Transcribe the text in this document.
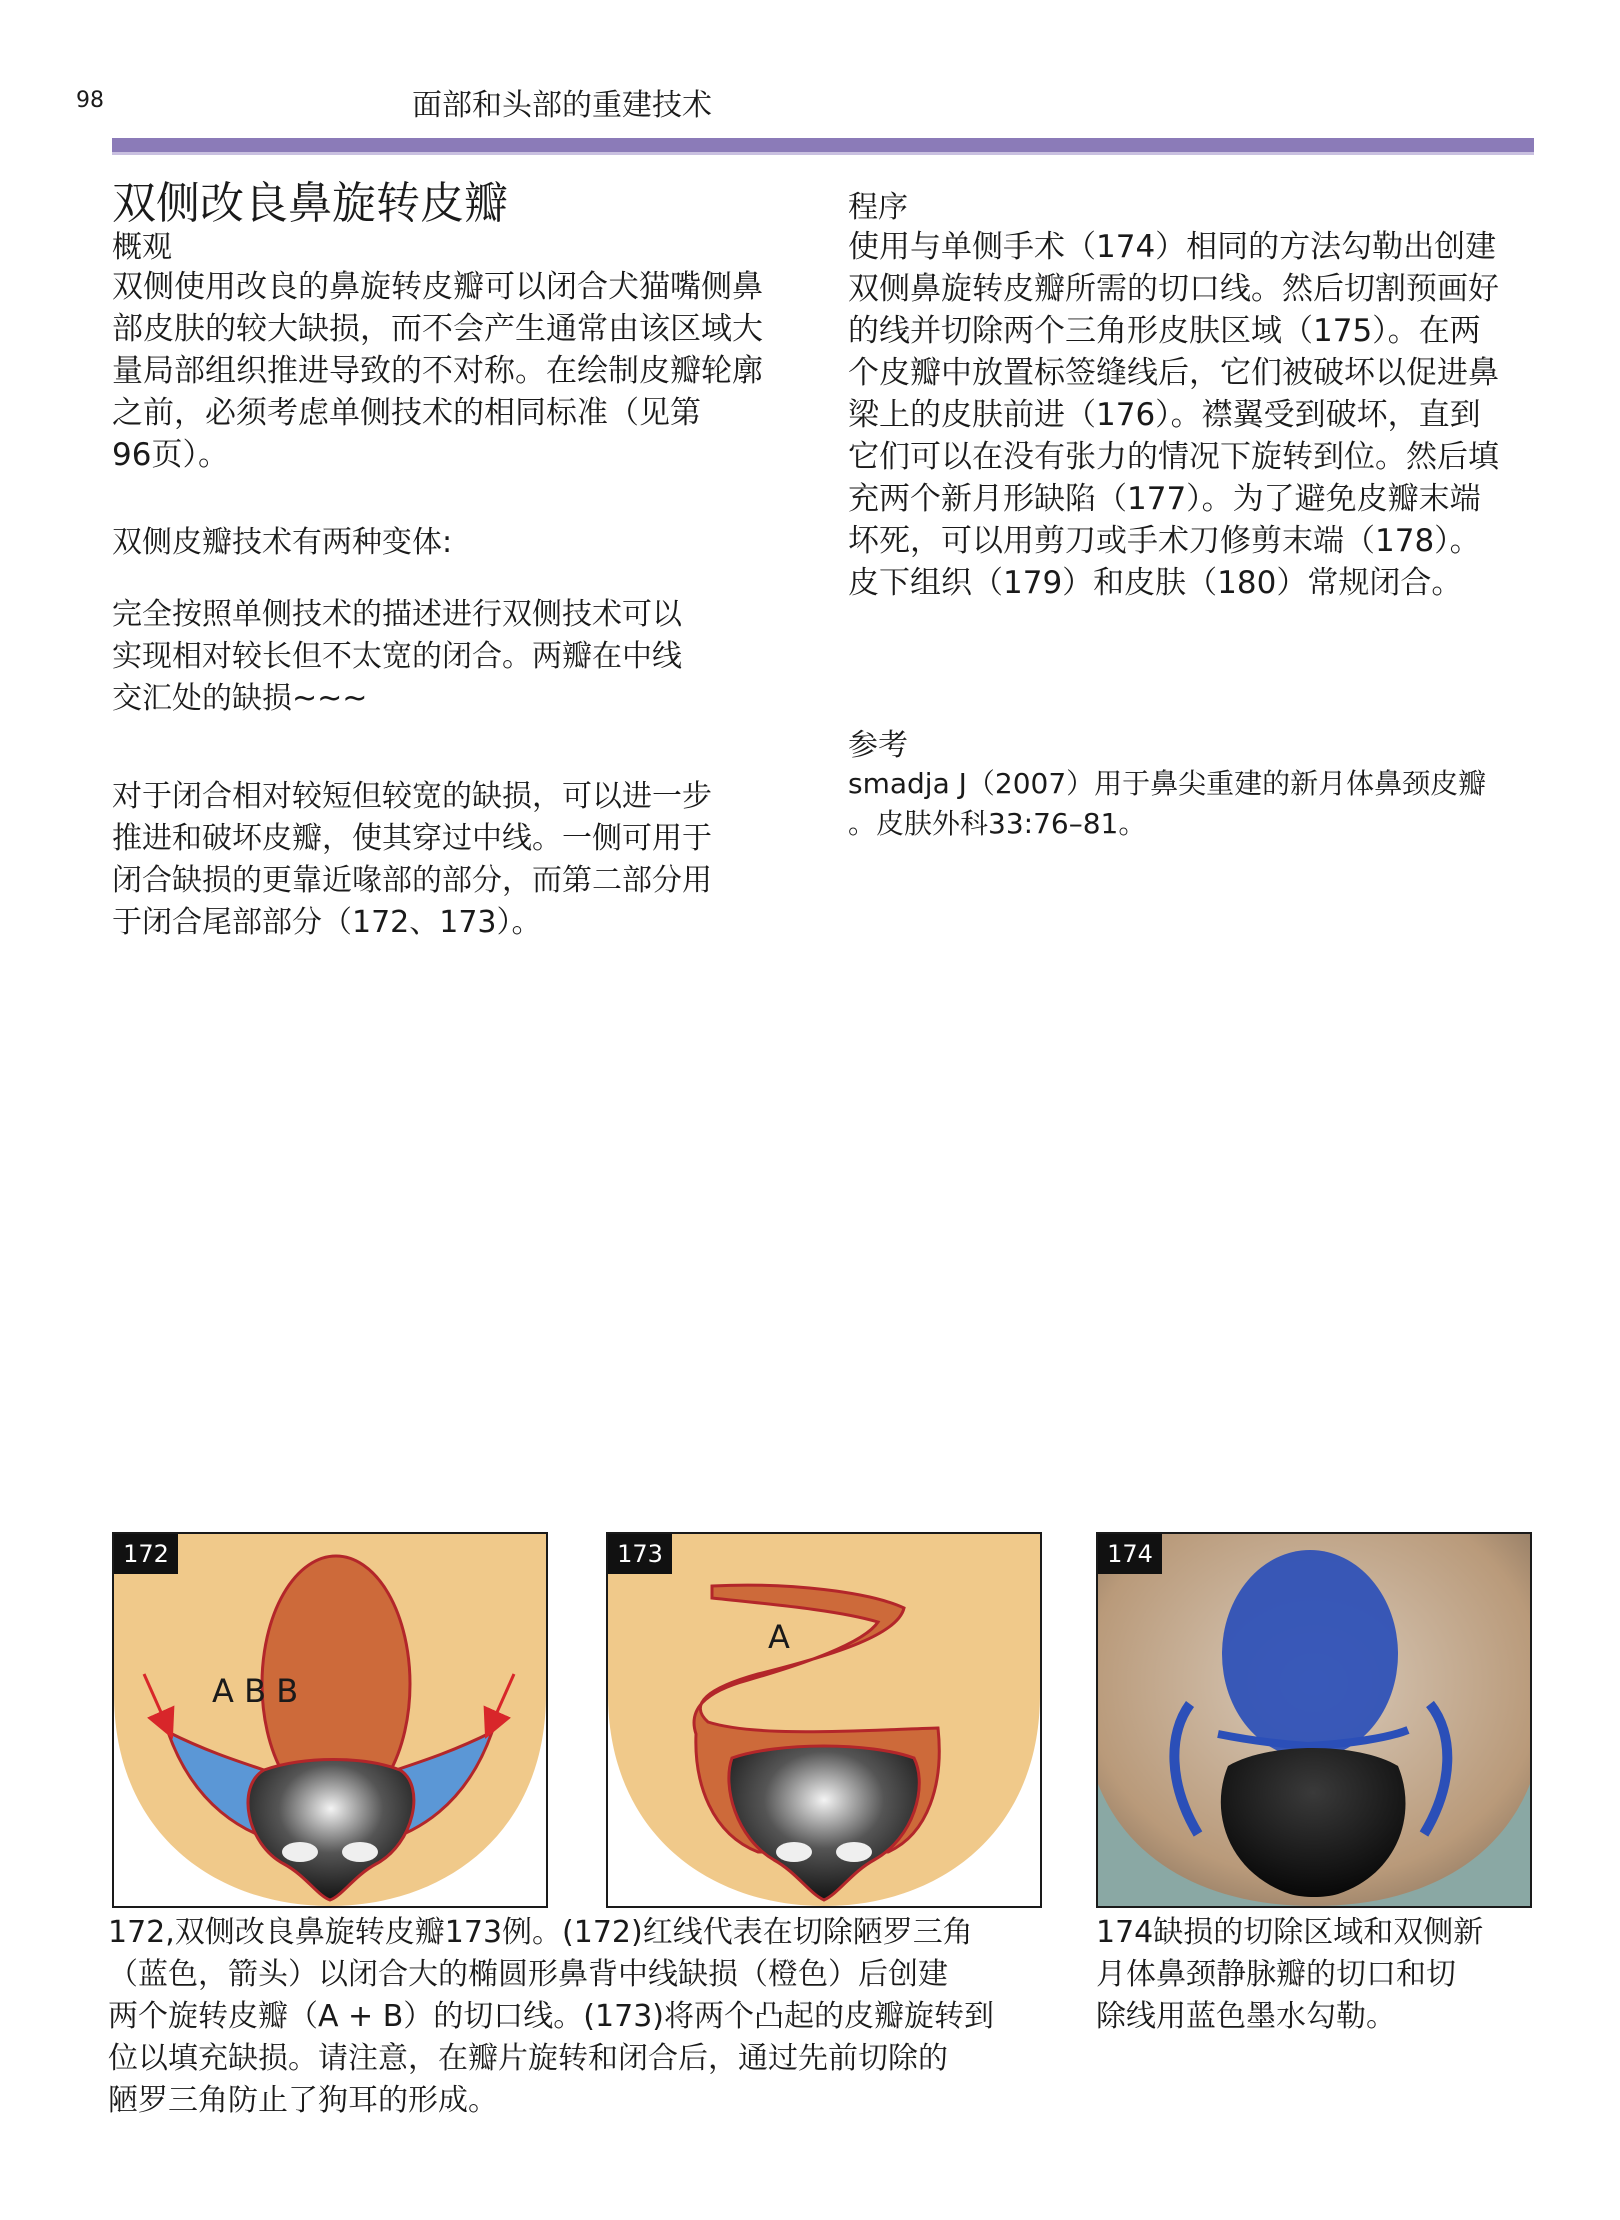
98	面部和头部的重建技术
双侧改良鼻旋转皮瓣
概观

双侧使用改良的鼻旋转皮瓣可以闭合犬猫嘴侧鼻

部皮肤的较大缺损，而不会产生通常由该区域大

量局部组织推进导致的不对称。在绘制皮瓣轮廓

之前，必须考虑单侧技术的相同标准（见第

96页）。

双侧皮瓣技术有两种变体:

完全按照单侧技术的描述进行双侧技术可以

实现相对较长但不太宽的闭合。两瓣在中线

交汇处的缺损~~~

对于闭合相对较短但较宽的缺损，可以进一步

推进和破坏皮瓣，使其穿过中线。一侧可用于

闭合缺损的更靠近喙部的部分，而第二部分用

于闭合尾部部分（172、173）。

程序

使用与单侧手术（174）相同的方法勾勒出创建

双侧鼻旋转皮瓣所需的切口线。然后切割预画好

的线并切除两个三角形皮肤区域（175）。在两

个皮瓣中放置标签缝线后，它们被破坏以促进鼻

梁上的皮肤前进（176）。襟翼受到破坏，直到

它们可以在没有张力的情况下旋转到位。然后填

充两个新月形缺陷（177）。为了避免皮瓣末端

坏死，可以用剪刀或手术刀修剪末端（178）。

皮下组织（179）和皮肤（180）常规闭合。

参考

smadja J（2007）用于鼻尖重建的新月体鼻颈皮瓣

。皮肤外科33:76–81。

172
A B B
173
A
174
172,双侧改良鼻旋转皮瓣173例。(172)红线代表在切除陋罗三角
（蓝色，箭头）以闭合大的椭圆形鼻背中线缺损（橙色）后创建
两个旋转皮瓣（A + B）的切口线。(173)将两个凸起的皮瓣旋转到
位以填充缺损。请注意，在瓣片旋转和闭合后，通过先前切除的
陋罗三角防止了狗耳的形成。
174缺损的切除区域和双侧新
月体鼻颈静脉瓣的切口和切
除线用蓝色墨水勾勒。
